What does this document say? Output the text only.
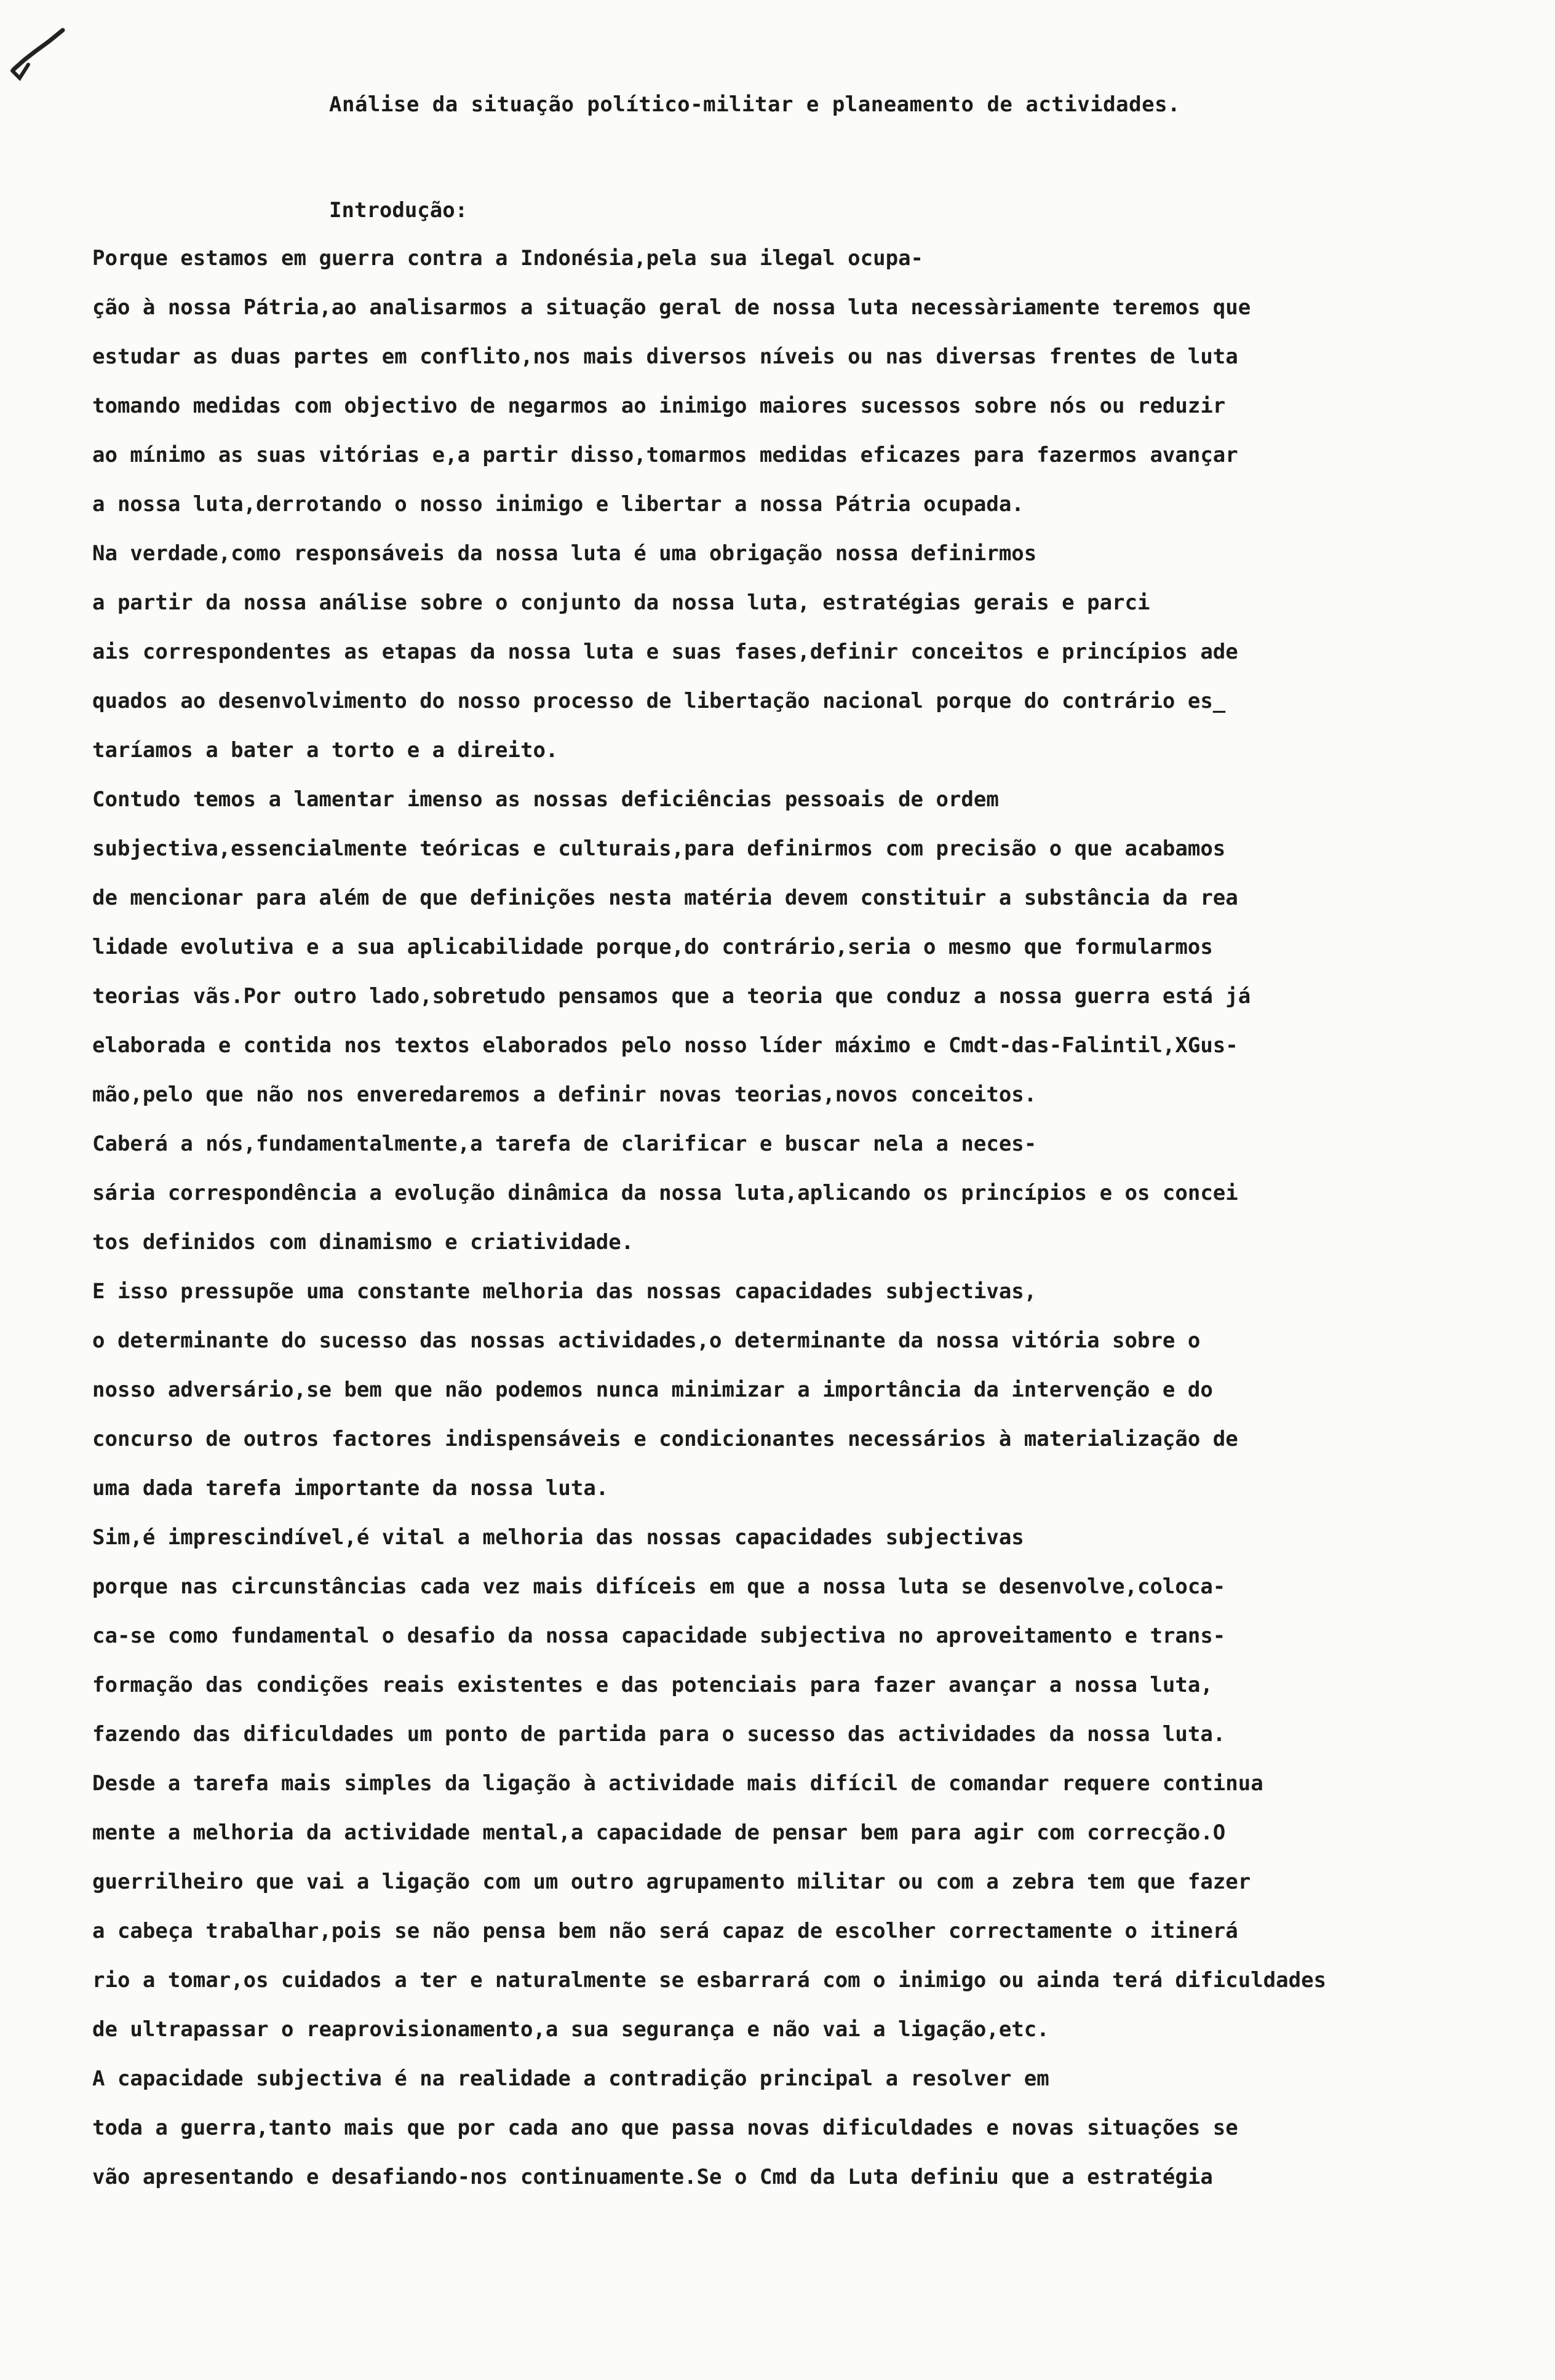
Análise da situação político-militar e planeamento de actividades.
Introdução:
Porque estamos em guerra contra a Indonésia,pela sua ilegal ocupa-
ção à nossa Pátria,ao analisarmos a situação geral de nossa luta necessàriamente teremos que
estudar as duas partes em conflito,nos mais diversos níveis ou nas diversas frentes de luta
tomando medidas com objectivo de negarmos ao inimigo maiores sucessos sobre nós ou reduzir
ao mínimo as suas vitórias e,a partir disso,tomarmos medidas eficazes para fazermos avançar
a nossa luta,derrotando o nosso inimigo e libertar a nossa Pátria ocupada.
Na verdade,como responsáveis da nossa luta é uma obrigação nossa definirmos
a partir da nossa análise sobre o conjunto da nossa luta, estratégias gerais e parci
ais correspondentes as etapas da nossa luta e suas fases,definir conceitos e princípios ade
quados ao desenvolvimento do nosso processo de libertação nacional porque do contrário es_
taríamos a bater a torto e a direito.
Contudo temos a lamentar imenso as nossas deficiências pessoais de ordem
subjectiva,essencialmente teóricas e culturais,para definirmos com precisão o que acabamos
de mencionar para além de que definições nesta matéria devem constituir a substância da rea
lidade evolutiva e a sua aplicabilidade porque,do contrário,seria o mesmo que formularmos
teorias vãs.Por outro lado,sobretudo pensamos que a teoria que conduz a nossa guerra está já
elaborada e contida nos textos elaborados pelo nosso líder máximo e Cmdt-das-Falintil,XGus-
mão,pelo que não nos enveredaremos a definir novas teorias,novos conceitos.
Caberá a nós,fundamentalmente,a tarefa de clarificar e buscar nela a neces-
sária correspondência a evolução dinâmica da nossa luta,aplicando os princípios e os concei
tos definidos com dinamismo e criatividade.
E isso pressupõe uma constante melhoria das nossas capacidades subjectivas,
o determinante do sucesso das nossas actividades,o determinante da nossa vitória sobre o
nosso adversário,se bem que não podemos nunca minimizar a importância da intervenção e do
concurso de outros factores indispensáveis e condicionantes necessários à materialização de
uma dada tarefa importante da nossa luta.
Sim,é imprescindível,é vital a melhoria das nossas capacidades subjectivas
porque nas circunstâncias cada vez mais difíceis em que a nossa luta se desenvolve,coloca-
ca-se como fundamental o desafio da nossa capacidade subjectiva no aproveitamento e trans-
formação das condições reais existentes e das potenciais para fazer avançar a nossa luta,
fazendo das dificuldades um ponto de partida para o sucesso das actividades da nossa luta.
Desde a tarefa mais simples da ligação à actividade mais difícil de comandar requere continua
mente a melhoria da actividade mental,a capacidade de pensar bem para agir com correcção.O
guerrilheiro que vai a ligação com um outro agrupamento militar ou com a zebra tem que fazer
a cabeça trabalhar,pois se não pensa bem não será capaz de escolher correctamente o itinerá
rio a tomar,os cuidados a ter e naturalmente se esbarrará com o inimigo ou ainda terá dificuldades
de ultrapassar o reaprovisionamento,a sua segurança e não vai a ligação,etc.
A capacidade subjectiva é na realidade a contradição principal a resolver em
toda a guerra,tanto mais que por cada ano que passa novas dificuldades e novas situações se
vão apresentando e desafiando-nos continuamente.Se o Cmd da Luta definiu que a estratégia
